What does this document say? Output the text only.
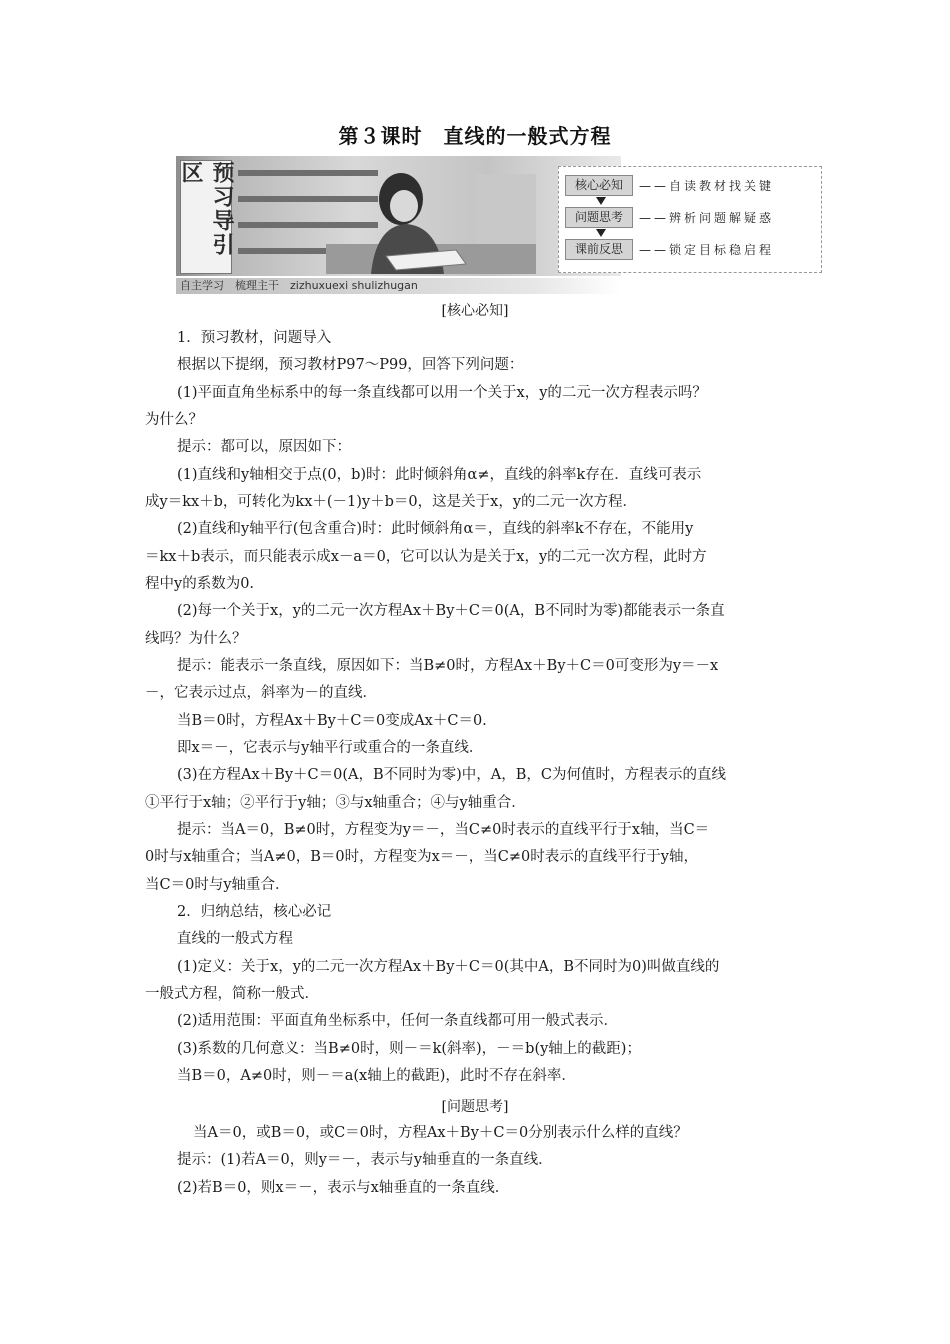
第３课时　直线的一般式方程
预习导引区
自主学习　梳理主干　zizhuxuexi shulizhugan
核心必知	——自读教材找关键
问题思考	——辨析问题解疑惑
课前反思	——锁定目标稳启程
[核心必知]
1．预习教材，问题导入
根据以下提纲，预习教材P97～P99，回答下列问题：
(1)平面直角坐标系中的每一条直线都可以用一个关于x，y的二元一次方程表示吗？
为什么？
提示：都可以，原因如下：
(1)直线和y轴相交于点(0，b)时：此时倾斜角α≠，直线的斜率k存在．直线可表示
成y＝kx＋b，可转化为kx＋(－1)y＋b＝0，这是关于x，y的二元一次方程．
(2)直线和y轴平行(包含重合)时：此时倾斜角α＝，直线的斜率k不存在，不能用y
＝kx＋b表示，而只能表示成x－a＝0，它可以认为是关于x，y的二元一次方程，此时方
程中y的系数为0.
(2)每一个关于x，y的二元一次方程Ax＋By＋C＝0(A，B不同时为零)都能表示一条直
线吗？为什么？
提示：能表示一条直线，原因如下：当B≠0时，方程Ax＋By＋C＝0可变形为y＝－x
－，它表示过点，斜率为－的直线．
当B＝0时，方程Ax＋By＋C＝0变成Ax＋C＝0.
即x＝－，它表示与y轴平行或重合的一条直线．
(3)在方程Ax＋By＋C＝0(A，B不同时为零)中，A，B，C为何值时，方程表示的直线
①平行于x轴；②平行于y轴；③与x轴重合；④与y轴重合．
提示：当A＝0，B≠0时，方程变为y＝－，当C≠0时表示的直线平行于x轴，当C＝
0时与x轴重合；当A≠0，B＝0时，方程变为x＝－，当C≠0时表示的直线平行于y轴，
当C＝0时与y轴重合．
2．归纳总结，核心必记
直线的一般式方程
(1)定义：关于x，y的二元一次方程Ax＋By＋C＝0(其中A，B不同时为0)叫做直线的
一般式方程，简称一般式．
(2)适用范围：平面直角坐标系中，任何一条直线都可用一般式表示．
(3)系数的几何意义：当B≠0时，则－＝k(斜率)，－＝b(y轴上的截距)；
当B＝0，A≠0时，则－＝a(x轴上的截距)，此时不存在斜率．
[问题思考]
当A＝0，或B＝0，或C＝0时，方程Ax＋By＋C＝0分别表示什么样的直线？
提示：(1)若A＝0，则y＝－，表示与y轴垂直的一条直线．
(2)若B＝0，则x＝－，表示与x轴垂直的一条直线．
